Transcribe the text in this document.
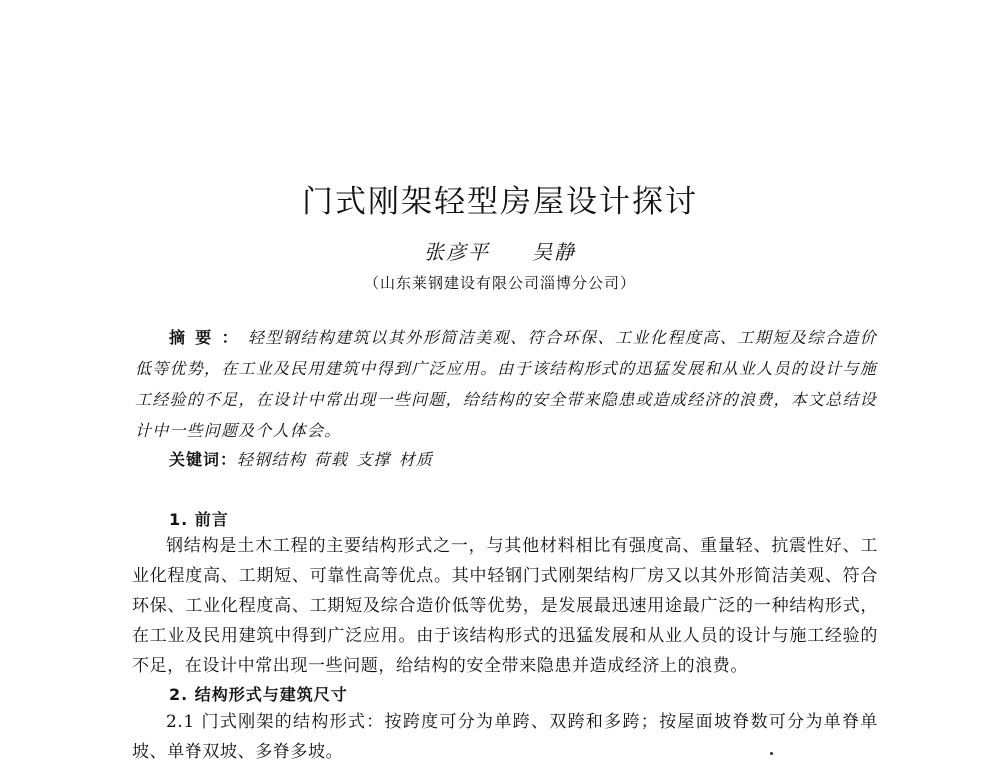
门式刚架轻型房屋设计探讨
张彦平 吴静
（山东莱钢建设有限公司淄博分公司）
摘要：轻型钢结构建筑以其外形简洁美观、符合环保、工业化程度高、工期短及综合造价低等优势，在工业及民用建筑中得到广泛应用。由于该结构形式的迅猛发展和从业人员的设计与施工经验的不足，在设计中常出现一些问题，给结构的安全带来隐患或造成经济的浪费，本文总结设计中一些问题及个人体会。
关键词：轻钢结构 荷载 支撑 材质
1. 前言
钢结构是土木工程的主要结构形式之一，与其他材料相比有强度高、重量轻、抗震性好、工业化程度高、工期短、可靠性高等优点。其中轻钢门式刚架结构厂房又以其外形简洁美观、符合环保、工业化程度高、工期短及综合造价低等优势，是发展最迅速用途最广泛的一种结构形式，在工业及民用建筑中得到广泛应用。由于该结构形式的迅猛发展和从业人员的设计与施工经验的不足，在设计中常出现一些问题，给结构的安全带来隐患并造成经济上的浪费。
2. 结构形式与建筑尺寸
2.1 门式刚架的结构形式：按跨度可分为单跨、双跨和多跨；按屋面坡脊数可分为单脊单坡、单脊双坡、多脊多坡。
